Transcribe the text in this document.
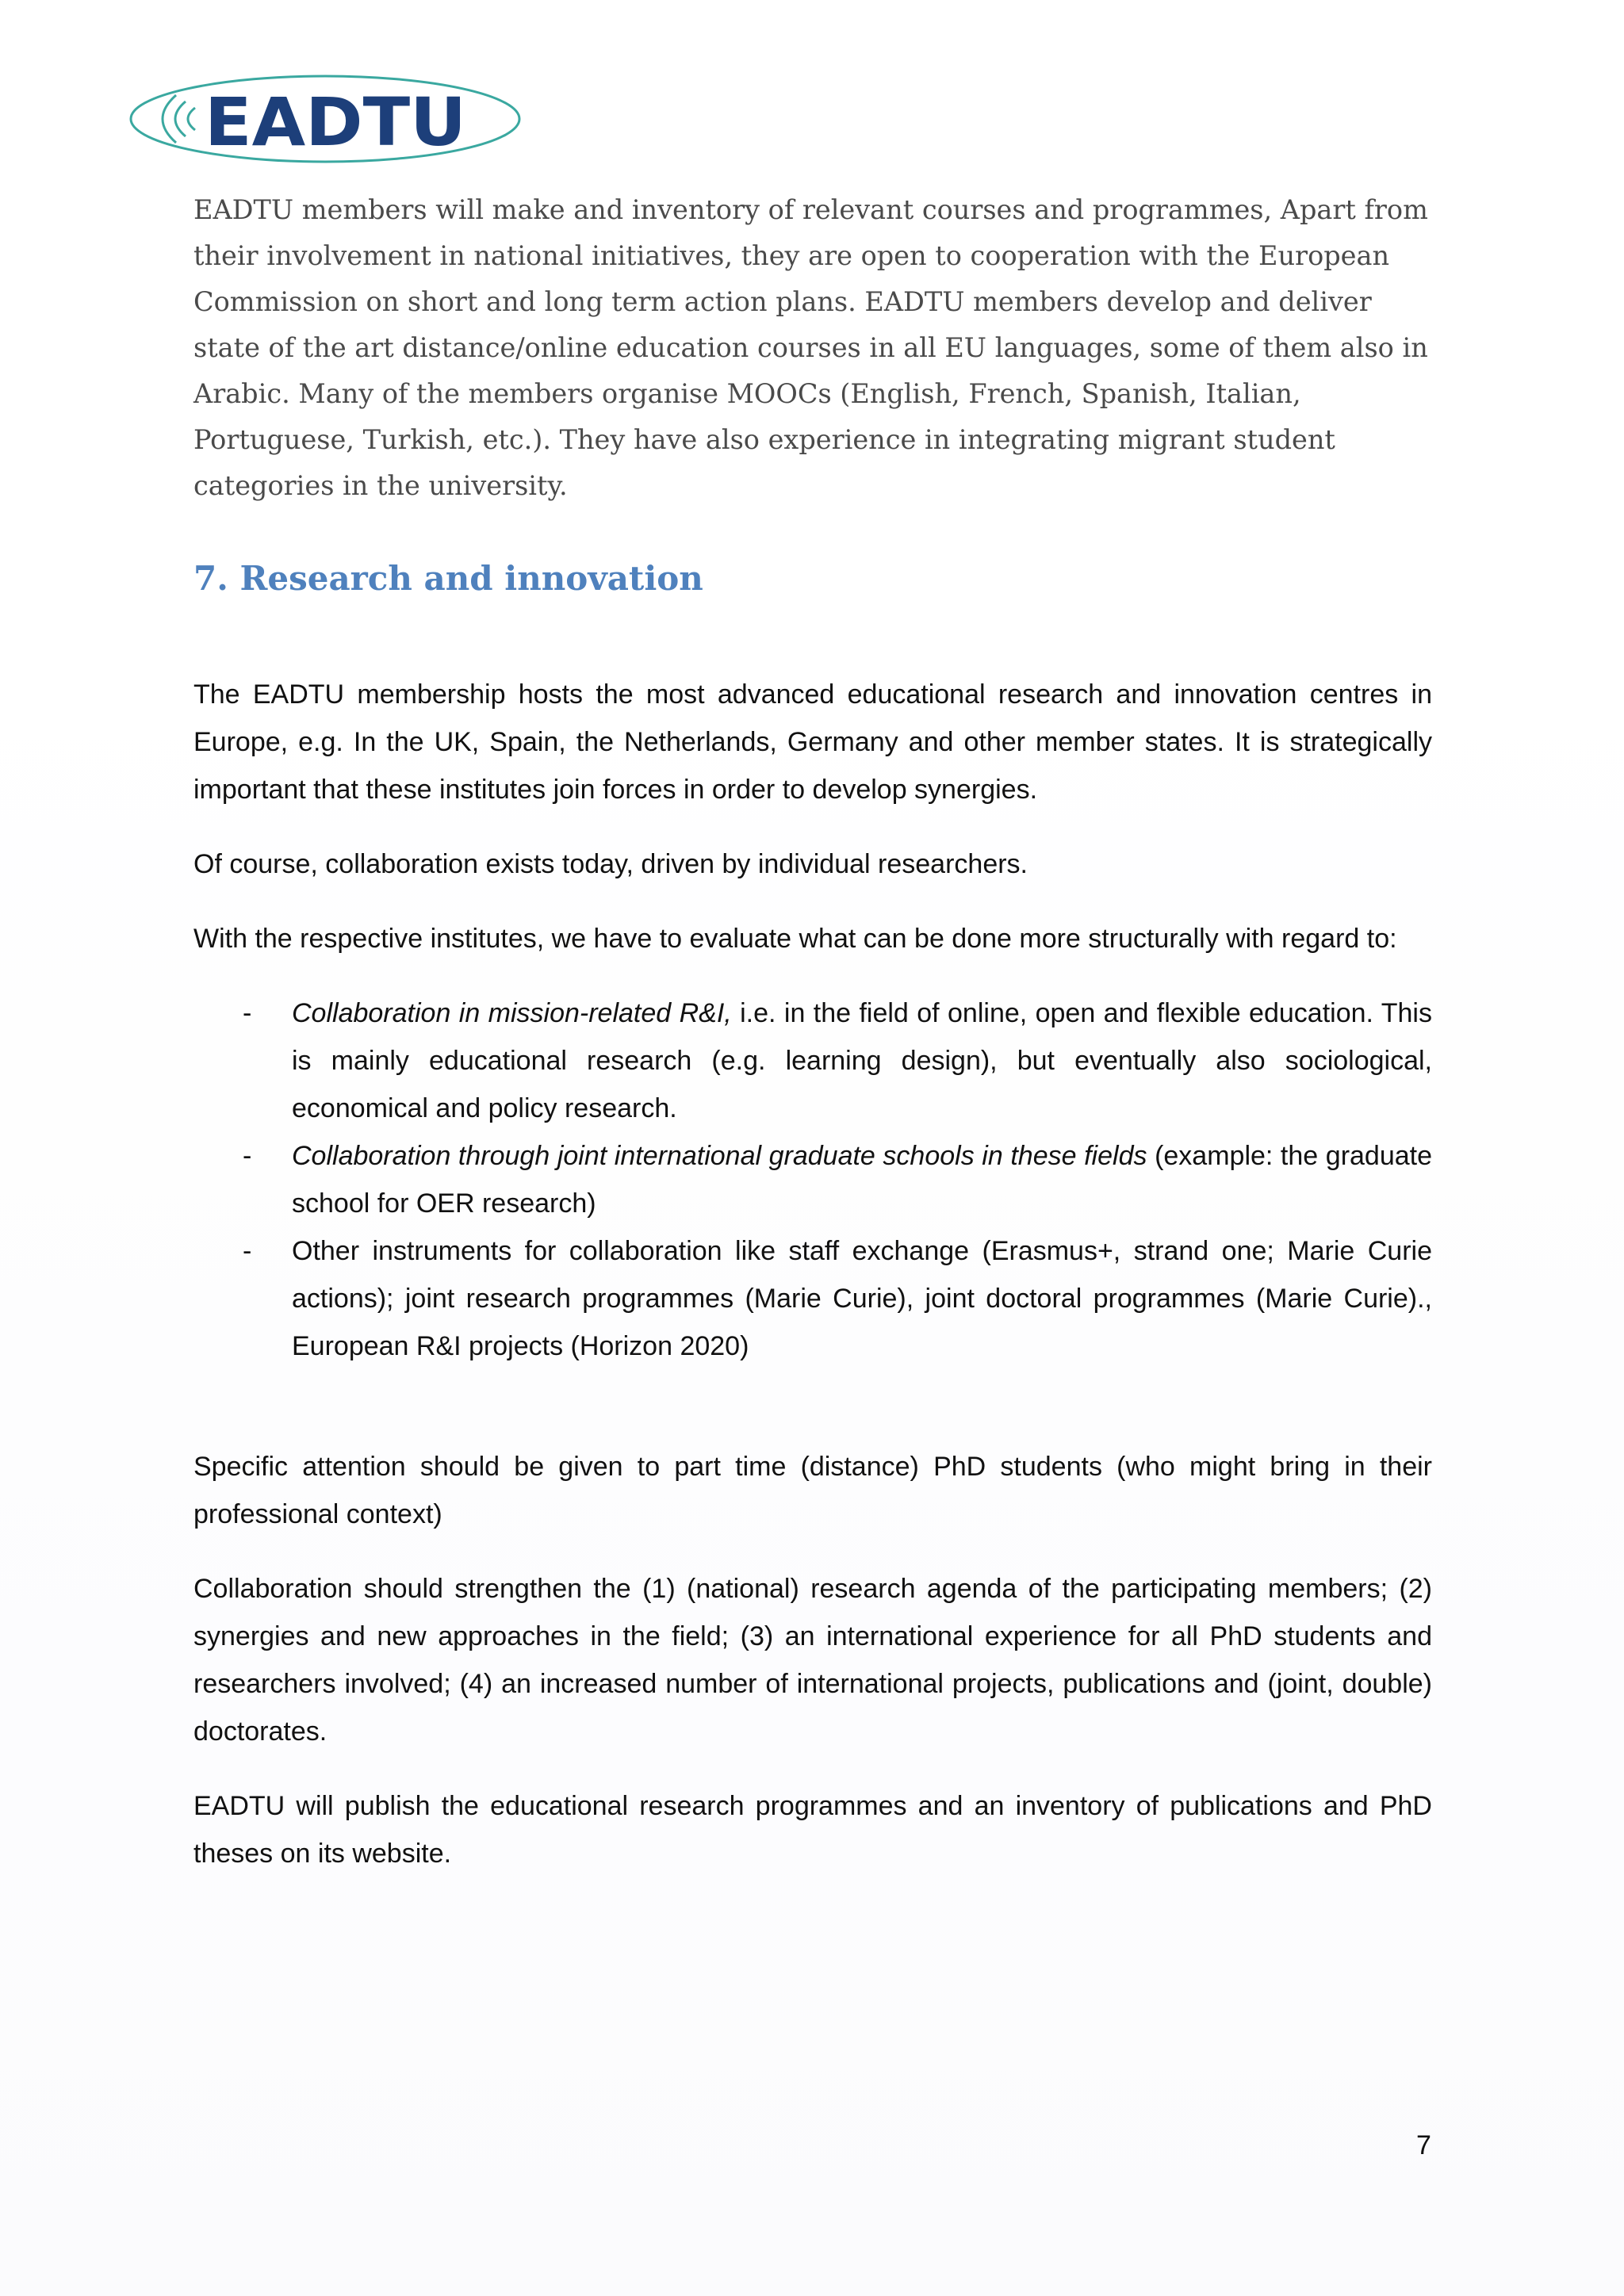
EADTU

EADTU members will make and inventory of relevant courses and programmes, Apart from their involvement in national initiatives, they are open to cooperation with the European Commission on short and long term action plans. EADTU members develop and deliver state of the art distance/online education courses in all EU languages, some of them also in Arabic. Many of the members organise MOOCs (English, French, Spanish, Italian, Portuguese, Turkish, etc.). They have also experience in integrating migrant student categories in the university.

7. Research and innovation

The EADTU membership hosts the most advanced educational research and innovation centres in Europe, e.g. In the UK, Spain, the Netherlands, Germany and other member states. It is strategically important that these institutes join forces in order to develop synergies.

Of course, collaboration exists today, driven by individual researchers.

With the respective institutes, we have to evaluate what can be done more structurally with regard to:

- Collaboration in mission-related R&I, i.e. in the field of online, open and flexible education. This is mainly educational research (e.g. learning design), but eventually also sociological, economical and policy research.
- Collaboration through joint international graduate schools in these fields (example: the graduate school for OER research)
- Other instruments for collaboration like staff exchange (Erasmus+, strand one; Marie Curie actions); joint research programmes (Marie Curie), joint doctoral programmes (Marie Curie)., European R&I projects (Horizon 2020)

Specific attention should be given to part time (distance) PhD students (who might bring in their professional context)

Collaboration should strengthen the (1) (national) research agenda of the participating members; (2) synergies and new approaches in the field; (3) an international experience for all PhD students and researchers involved; (4) an increased number of international projects, publications and (joint, double) doctorates.

EADTU will publish the educational research programmes and an inventory of publications and PhD theses on its website.

7
